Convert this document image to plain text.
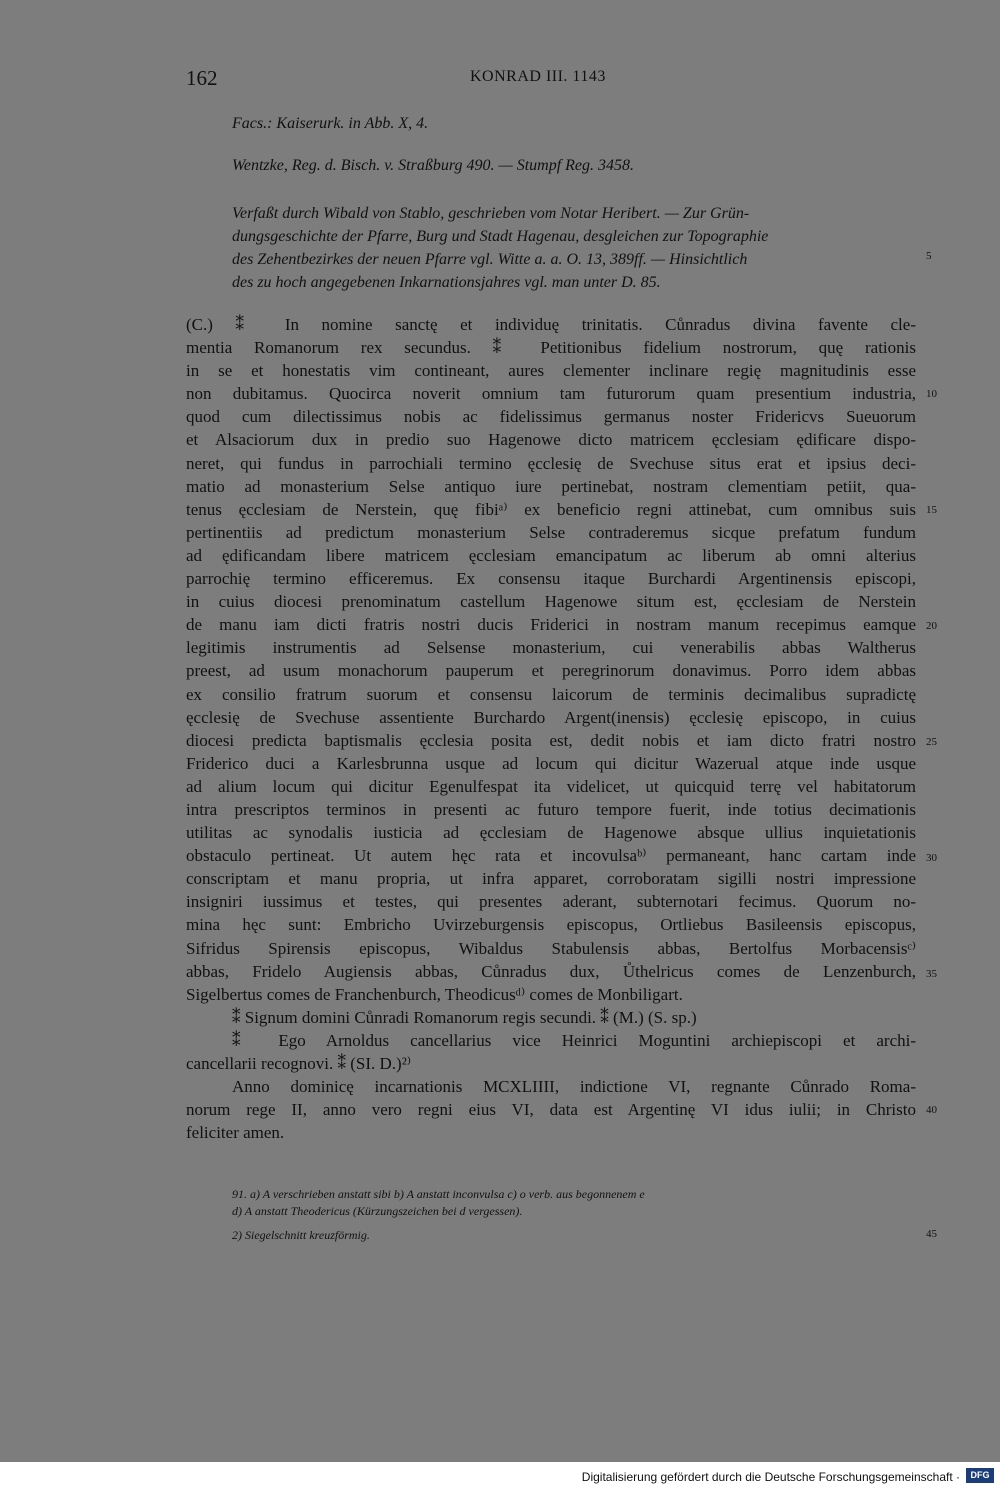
162	KONRAD III. 1143
Facs.: Kaiserurk. in Abb. X, 4.
Wentzke, Reg. d. Bisch. v. Straßburg 490. — Stumpf Reg. 3458.
Verfaßt durch Wibald von Stablo, geschrieben vom Notar Heribert. — Zur Grün-
dungsgeschichte der Pfarre, Burg und Stadt Hagenau, desgleichen zur Topographie
des Zehentbezirkes der neuen Pfarre vgl. Witte a. a. O. 13, 389ff. — Hinsichtlich
des zu hoch angegebenen Inkarnationsjahres vgl. man unter D. 85.
(C.) ⁑ In nomine sanctę et individuę trinitatis. Cůnradus divina favente cle-
mentia Romanorum rex secundus. ⁑ Petitionibus fidelium nostrorum, quę rationis
in se et honestatis vim contineant, aures clementer inclinare regię magnitudinis esse
non dubitamus. Quocirca noverit omnium tam futurorum quam presentium industria,
quod cum dilectissimus nobis ac fidelissimus germanus noster Fridericvs Sueuorum
et Alsaciorum dux in predio suo Hagenowe dicto matricem ęcclesiam ędificare dispo-
neret, qui fundus in parrochiali termino ęcclesię de Svechuse situs erat et ipsius deci-
matio ad monasterium Selse antiquo iure pertinebat, nostram clementiam petiit, qua-
tenus ęcclesiam de Nerstein, quę fibiᵃ⁾ ex beneficio regni attinebat, cum omnibus suis
pertinentiis ad predictum monasterium Selse contraderemus sicque prefatum fundum
ad ędificandam libere matricem ęcclesiam emancipatum ac liberum ab omni alterius
parrochię termino efficeremus. Ex consensu itaque Burchardi Argentinensis episcopi,
in cuius diocesi prenominatum castellum Hagenowe situm est, ęcclesiam de Nerstein
de manu iam dicti fratris nostri ducis Friderici in nostram manum recepimus eamque
legitimis instrumentis ad Selsense monasterium, cui venerabilis abbas Waltherus
preest, ad usum monachorum pauperum et peregrinorum donavimus. Porro idem abbas
ex consilio fratrum suorum et consensu laicorum de terminis decimalibus supradictę
ęcclesię de Svechuse assentiente Burchardo Argent(inensis) ęcclesię episcopo, in cuius
diocesi predicta baptismalis ęcclesia posita est, dedit nobis et iam dicto fratri nostro
Friderico duci a Karlesbrunna usque ad locum qui dicitur Wazerual atque inde usque
ad alium locum qui dicitur Egenulfespat ita videlicet, ut quicquid terrę vel habitatorum
intra prescriptos terminos in presenti ac futuro tempore fuerit, inde totius decimationis
utilitas ac synodalis iusticia ad ęcclesiam de Hagenowe absque ullius inquietationis
obstaculo pertineat. Ut autem hęc rata et incovulsaᵇ⁾ permaneant, hanc cartam inde
conscriptam et manu propria, ut infra apparet, corroboratam sigilli nostri impressione
insigniri iussimus et testes, qui presentes aderant, subternotari fecimus. Quorum no-
mina hęc sunt: Embricho Uvirzeburgensis episcopus, Ortliebus Basileensis episcopus,
Sifridus Spirensis episcopus, Wibaldus Stabulensis abbas, Bertolfus Morbacensisᶜ⁾
abbas, Fridelo Augiensis abbas, Cůnradus dux, Ůthelricus comes de Lenzenburch,
Sigelbertus comes de Franchenburch, Theodicusᵈ⁾ comes de Monbiligart.
⁑ Signum domini Cůnradi Romanorum regis secundi. ⁑ (M.) (S. sp.)
⁑ Ego Arnoldus cancellarius vice Heinrici Moguntini archiepiscopi et archi-
cancellarii recognovi. ⁑ (SI. D.)²⁾
Anno dominicę incarnationis MCXLIIII, indictione VI, regnante Cůnrado Roma-
norum rege II, anno vero regni eius VI, data est Argentinę VI idus iulii; in Christo
feliciter amen.
5
10
15
20
25
30
35
40
45
91. a) A verschrieben anstatt sibi b) A anstatt inconvulsa c) o verb. aus begonnenem e
d) A anstatt Theodericus (Kürzungszeichen bei d vergessen).
2) Siegelschnitt kreuzförmig.
Digitalisierung gefördert durch die Deutsche Forschungsgemeinschaft ·	DFG
